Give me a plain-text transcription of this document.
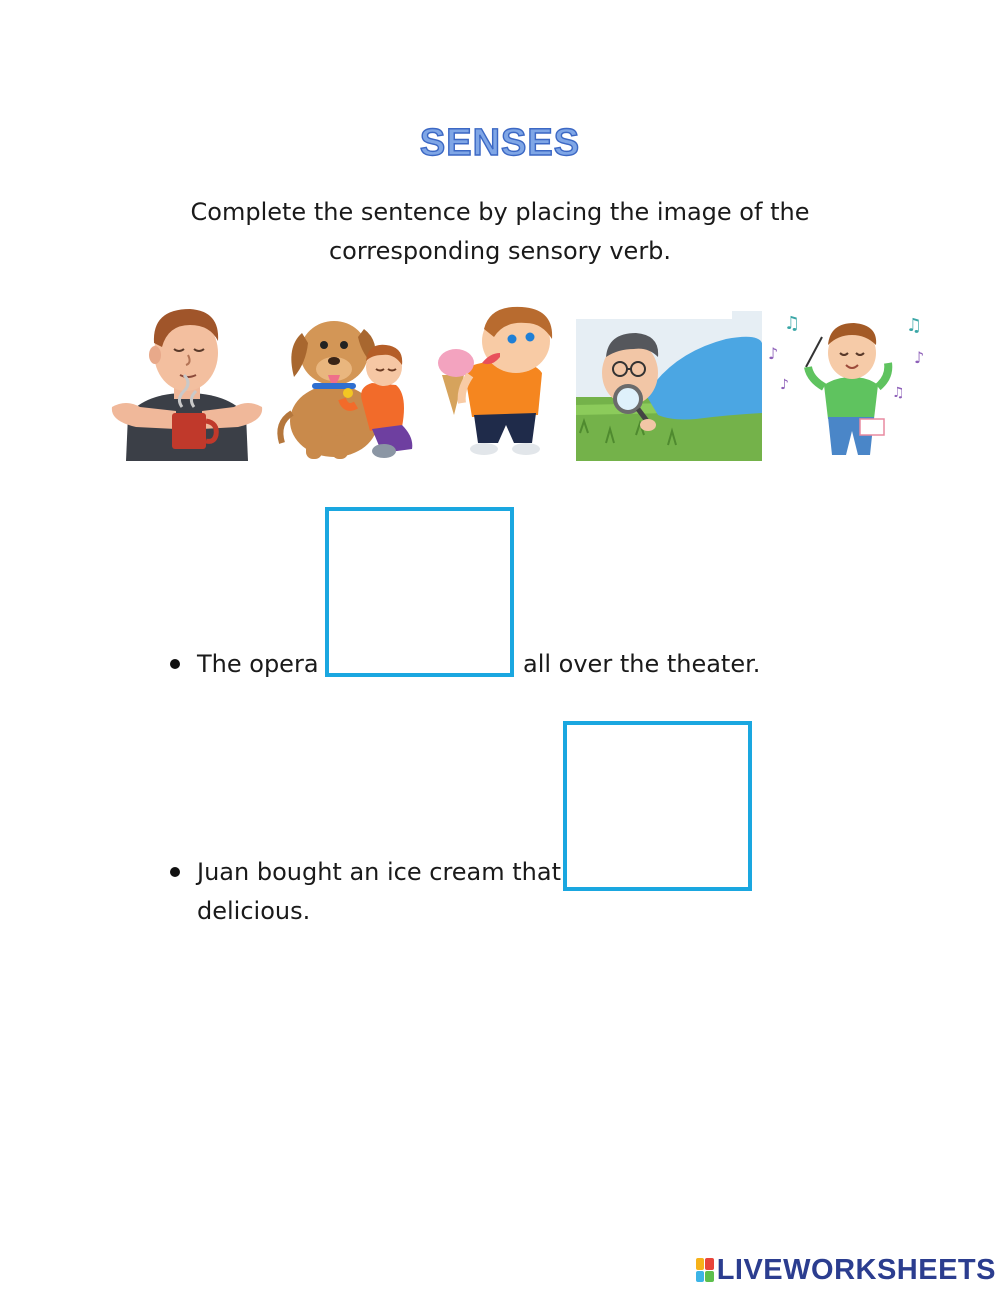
SENSES
Complete the sentence by placing the image of the
corresponding sensory verb.
♫
♪
♪
♫
♪
♫
The opera	all over the theater.
Juan bought an ice cream that
delicious.
LIVEWORKSHEETS
